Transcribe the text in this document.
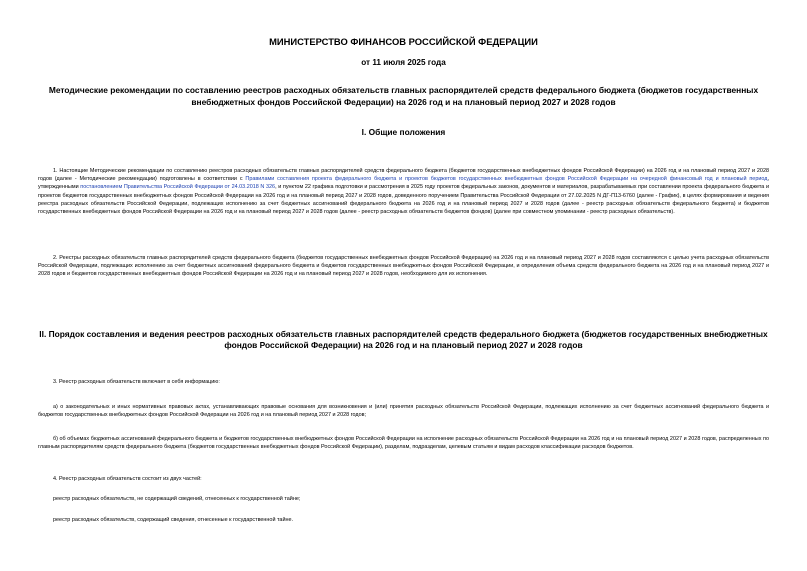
МИНИСТЕРСТВО ФИНАНСОВ РОССИЙСКОЙ ФЕДЕРАЦИИ
от 11 июля 2025 года
Методические рекомендации по составлению реестров расходных обязательств главных распорядителей средств федерального бюджета (бюджетов государственных внебюджетных фондов Российской Федерации) на 2026 год и на плановый период 2027 и 2028 годов
I. Общие положения
1. Настоящие Методические рекомендации по составлению реестров расходных обязательств главных распорядителей средств федерального бюджета (бюджетов государственных внебюджетных фондов Российской Федерации) на 2026 год и на плановый период 2027 и 2028 годов (далее - Методические рекомендации) подготовлены в соответствии с Правилами составления проекта федерального бюджета и проектов бюджетов государственных внебюджетных фондов Российской Федерации на очередной финансовый год и плановый период, утвержденными постановлением Правительства Российской Федерации от 24.03.2018 N 326, и пунктом 22 графика подготовки и рассмотрения в 2025 году проектов федеральных законов, документов и материалов, разрабатываемых при составлении проекта федерального бюджета и проектов бюджетов государственных внебюджетных фондов Российской Федерации на 2026 год и на плановый период 2027 и 2028 годов, доведенного поручением Правительства Российской Федерации от 27.02.2025 N ДГ-П13-6760 (далее - График), в целях формирования и ведения реестра расходных обязательств Российской Федерации, подлежащих исполнению за счет бюджетных ассигнований федерального бюджета на 2026 год и на плановый период 2027 и 2028 годов (далее - реестр расходных обязательств федерального бюджета) и бюджетов государственных внебюджетных фондов Российской Федерации на 2026 год и на плановый период 2027 и 2028 годов (далее - реестр расходных обязательств бюджетов фондов) (далее при совместном упоминании - реестр расходных обязательств).
2. Реестры расходных обязательств главных распорядителей средств федерального бюджета (бюджетов государственных внебюджетных фондов Российской Федерации) на 2026 год и на плановый период 2027 и 2028 годов составляются с целью учета расходных обязательств Российской Федерации, подлежащих исполнению за счет бюджетных ассигнований федерального бюджета и бюджетов государственных внебюджетных фондов Российской Федерации, и определения объема средств федерального бюджета на 2026 год и на плановый период 2027 и 2028 годов и бюджетов государственных внебюджетных фондов Российской Федерации на 2026 год и на плановый период 2027 и 2028 годов, необходимого для их исполнения.
II. Порядок составления и ведения реестров расходных обязательств главных распорядителей средств федерального бюджета (бюджетов государственных внебюджетных фондов Российской Федерации) на 2026 год и на плановый период 2027 и 2028 годов
3. Реестр расходных обязательств включает в себя информацию:
а) о законодательных и иных нормативных правовых актах, устанавливающих правовые основания для возникновения и (или) принятия расходных обязательств Российской Федерации, подлежащих исполнению за счет бюджетных ассигнований федерального бюджета и бюджетов государственных внебюджетных фондов Российской Федерации на 2026 год и на плановый период 2027 и 2028 годов;
б) об объемах бюджетных ассигнований федерального бюджета и бюджетов государственных внебюджетных фондов Российской Федерации на исполнение расходных обязательств Российской Федерации на 2026 год и на плановый период 2027 и 2028 годов, распределенных по главным распорядителям средств федерального бюджета (бюджетов государственных внебюджетных фондов Российской Федерации), разделам, подразделам, целевым статьям и видам расходов классификации расходов бюджетов.
4. Реестр расходных обязательств состоит из двух частей:
реестр расходных обязательств, не содержащий сведений, отнесенных к государственной тайне;
реестр расходных обязательств, содержащий сведения, отнесенные к государственной тайне.
